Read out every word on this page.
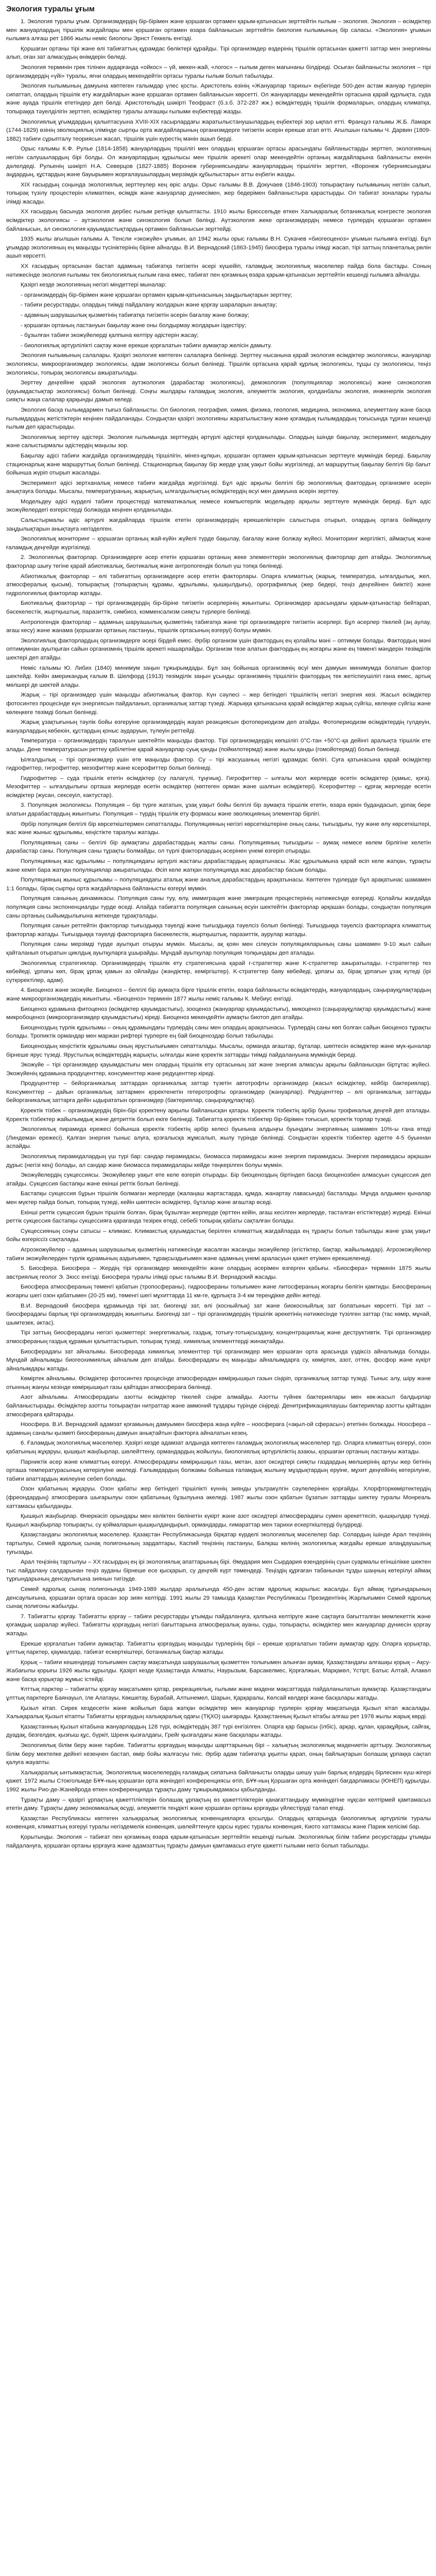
Экология туралы ұғым

1. Экология туралы ұғым. Организмдердің бір-бірімен және қоршаған ортамен қарым-қатынасын зерттейтін ғылым – экология. Экология – өсімдіктер мен жануарлардың тіршілік жағдайлары мен қоршаған ортамен өзара байланысын зерттейтін биология ғылымының бір саласы. «Экология» ұғымын ғылымға алғаш рет 1866 жылы неміс биологы Эрнст Геккель енгізді.

Қоршаған ортаны тірі және өлі табиғаттың құрамдас бөліктері құрайды. Тірі организмдер өздерінің тіршілік ортасынан қажетті заттар мен энергияны алып, оған зат алмасудың өнімдерін бөледі.

Экология терминін грек тілінен аударғанда «ойкос» – үй, мекен-жай, «логос» – ғылым деген мағынаны білдіреді. Осыған байланысты экология – тірі организмдердің «үйі» туралы, яғни олардың мекендейтін ортасы туралы ғылым болып табылады.

Экология ғылымының дамуына көптеген ғалымдар үлес қосты. Аристотель өзінің «Жануарлар тарихы» еңбегінде 500-ден астам жануар түрлерін сипаттап, олардың тіршілік ету жағдайларын және қоршаған ортамен байланысын көрсетті. Ол жануарларды мекендейтін ортасына қарай құрлықта, суда және ауада тіршілік ететіндер деп бөлді. Аристотельдің шәкірті Теофраст (б.з.б. 372-287 жж.) өсімдіктердің тіршілік формаларын, олардың климатқа, топыраққа тәуелділігін зерттеп, өсімдіктер туралы алғашқы ғылыми еңбектерді жазды.

Экологиялық ұғымдардың қалыптасуына XVIII-XIX ғасырлардағы жаратылыстанушылардың еңбектері зор ықпал етті. Француз ғалымы Ж.Б. Ламарк (1744-1829) өзінің эволюциялық ілімінде сыртқы орта жағдайларының организмдерге тигізетін әсерін ерекше атап өтті. Ағылшын ғалымы Ч. Дарвин (1809-1882) табиғи сұрыпталу теориясын жасап, тіршілік үшін күрестің мәнін ашып берді.

Орыс ғалымы К.Ф. Рулье (1814-1858) жануарлардың тіршілігі мен олардың қоршаған ортасы арасындағы байланыстарды зерттеп, экологияның негізін салушылардың бірі болды. Ол жануарлардың құрылысы мен тіршілік әрекеті олар мекендейтін ортаның жағдайларына байланысты екенін дәлелдеді. Рульенің шәкірті Н.А. Северцов (1827-1885) Воронеж губерниясындағы жануарлардың тіршілігін зерттеп, «Воронеж губерниясындағы аңдардың, құстардың және бауырымен жорғалаушылардың мерзімдік құбылыстары» атты еңбегін жазды.

XIX ғасырдың соңында экологиялық зерттеулер кең өріс алды. Орыс ғалымы В.В. Докучаев (1846-1903) топырақтану ғылымының негізін салып, топырақ түзілу процестерін климатпен, өсімдік және жануарлар дүниесімен, жер бедерімен байланыстыра қарастырды. Ол табиғат зоналары туралы ілімді жасады.

XX ғасырдың басында экология дербес ғылым ретінде қалыптасты. 1910 жылы Брюссельде өткен Халықаралық ботаникалық конгресте экология өсімдіктер экологиясы – аутэкология және синэкология болып бөлінді. Аутэкология жеке организмдердің немесе түрлердің қоршаған ортамен байланысын, ал синэкология қауымдастықтардың ортамен байланысын зерттейді.

1935 жылы ағылшын ғалымы А. Тенсли «экожүйе» ұғымын, ал 1942 жылы орыс ғалымы В.Н. Сукачев «биогеоценоз» ұғымын ғылымға енгізді. Бұл ұғымдар экологияның ең маңызды түсініктерінің біріне айналды. В.И. Вернадский (1863-1945) биосфера туралы ілімді жасап, тірі заттың планеталық рөлін ашып көрсетті.

XX ғасырдың ортасынан бастап адамның табиғатқа тигізетін әсері күшейіп, ғаламдық экологиялық мәселелер пайда бола бастады. Соның нәтижесінде экология ғылымы тек биологиялық ғылым ғана емес, табиғат пен қоғамның өзара қарым-қатынасын зерттейтін кешенді ғылымға айналды.

Қазіргі кезде экологияның негізгі міндеттері мыналар:

- организмдердің бір-бірімен және қоршаған ортамен қарым-қатынасының заңдылықтарын зерттеу;

- табиғи ресурстарды, олардың тиімді пайдалану жолдарын және қорғау шараларын анықтау;

- адамның шаруашылық қызметінің табиғатқа тигізетін әсерін бағалау және болжау;

- қоршаған ортаның ластануын бақылау және оны болдырмау жолдарын іздестіру;

- бұзылған табиғи экожүйелерді қалпына келтіру әдістерін жасау;

- биологиялық әртүрлілікті сақтау және ерекше қорғалатын табиғи аумақтар желісін дамыту.

Экология ғылымының салалары. Қазіргі экология көптеген салаларға бөлінеді. Зерттеу нысанына қарай экология өсімдіктер экологиясы, жануарлар экологиясы, микроорганизмдер экологиясы, адам экологиясы болып бөлінеді. Тіршілік ортасына қарай құрлық экологиясы, тұщы су экологиясы, теңіз экологиясы, топырақ экологиясы ажыратылады.

Зерттеу деңгейіне қарай экология аутэкология (дарабастар экологиясы), демэкология (популяциялар экологиясы) және синэкология (қауымдастықтар экологиясы) болып бөлінеді. Соңғы жылдары ғаламдық экология, әлеуметтік экология, қолданбалы экология, инженерлік экология сияқты жаңа салалар қарқынды дамып келеді.

Экология басқа ғылымдармен тығыз байланысты. Ол биология, география, химия, физика, геология, медицина, экономика, әлеуметтану және басқа ғылымдардың жетістіктерін кеңінен пайдаланады. Сондықтан қазіргі экологияны жаратылыстану және қоғамдық ғылымдардың тоғысында тұрған кешенді ғылым деп қарастырады.

Экологиялық зерттеу әдістері. Экология ғылымында зерттеудің әртүрлі әдістері қолданылады. Олардың ішінде бақылау, эксперимент, модельдеу және салыстырмалы әдістердің маңызы зор.

Бақылау әдісі табиғи жағдайда организмдердің тіршілігін, мінез-құлқын, қоршаған ортамен қарым-қатынасын зерттеуге мүмкіндік береді. Бақылау стационарлық және маршруттық болып бөлінеді. Стационарлық бақылау бір жерде ұзақ уақыт бойы жүргізіледі, ал маршруттық бақылау белгілі бір бағыт бойынша жүріп отырып жасалады.

Эксперимент әдісі зертханалық немесе табиғи жағдайда жүргізіледі. Бұл әдіс арқылы белгілі бір экологиялық фактордың организмге әсерін анықтауға болады. Мысалы, температураның, жарықтың, ылғалдылықтың өсімдіктердің өсуі мен дамуына әсерін зерттеу.

Модельдеу әдісі күрделі табиғи процестерді математикалық немесе компьютерлік модельдер арқылы зерттеуге мүмкіндік береді. Бұл әдіс экожүйелердегі өзгерістерді болжауда кеңінен қолданылады.

Салыстырмалы әдіс әртүрлі жағдайларда тіршілік ететін организмдердің ерекшеліктерін салыстыра отырып, олардың ортаға бейімделу заңдылықтарын анықтауға негізделген.

Экологиялық мониторинг – қоршаған ортаның жай-күйін жүйелі түрде бақылау, бағалау және болжау жүйесі. Мониторинг жергілікті, аймақтық және ғаламдық деңгейде жүргізіледі.

2. Экологиялық факторлар. Организмдерге әсер ететін қоршаған ортаның жеке элементтерін экологиялық факторлар деп атайды. Экологиялық факторлар шығу тегіне қарай абиотикалық, биотикалық және антропогендік болып үш топқа бөлінеді.

Абиотикалық факторлар – өлі табиғаттың организмдерге әсер ететін факторлары. Оларға климаттық (жарық, температура, ылғалдылық, жел, атмосфералық қысым), топырақтық (топырақтың құрамы, құрылымы, қышқылдығы), орографиялық (жер бедері, теңіз деңгейінен биіктігі) және гидрологиялық факторлар жатады.

Биотикалық факторлар – тірі организмдердің бір-біріне тигізетін әсерлерінің жиынтығы. Организмдер арасындағы қарым-қатынастар бейтарап, бәсекелестік, жыртқыштық, паразиттік, симбиоз, комменсализм сияқты түрлерге бөлінеді.

Антропогендік факторлар – адамның шаруашылық қызметінің табиғатқа және тірі организмдерге тигізетін әсерлері. Бұл әсерлер тікелей (аң аулау, ағаш кесу) және жанама (қоршаған ортаның ластануы, тіршілік ортасының өзгеруі) болуы мүмкін.

Экологиялық факторлардың организмдерге әсері бірдей емес. Әрбір организм үшін фактордың ең қолайлы мәні – оптимум болады. Фактордың мәні оптимумнан ауытқыған сайын организмнің тіршілік әрекеті нашарлайды. Организм төзе алатын фактордың ең жоғарғы және ең төменгі мәндерін төзімділік шектері деп атайды.

Неміс ғалымы Ю. Либих (1840) минимум заңын тұжырымдады. Бұл заң бойынша организмнің өсуі мен дамуын минимумда болатын фактор шектейді. Кейін американдық ғалым В. Шелфорд (1913) төзімділік заңын ұсынды: организмнің тіршілігін фактордың тек жетіспеушілігі ғана емес, артық мөлшері де шектей алады.

Жарық – тірі организмдер үшін маңызды абиотикалық фактор. Күн сәулесі – жер бетіндегі тіршіліктің негізгі энергия көзі. Жасыл өсімдіктер фотосинтез процесінде күн энергиясын пайдаланып, органикалық заттар түзеді. Жарыққа қатынасына қарай өсімдіктер жарық сүйгіш, көлеңке сүйгіш және көлеңкеге төзімді болып бөлінеді.

Жарық ұзақтығының тәулік бойы өзгеруіне организмдердің жауап реакциясын фотопериодизм деп атайды. Фотопериодизм өсімдіктердің гүлдеуін, жануарлардың көбеюін, құстардың қоныс аударуын, түлеуін реттейді.

Температура – организмдердің таралуын шектейтін маңызды фактор. Тірі организмдердің көпшілігі 0°С-тан +50°С-қа дейінгі аралықта тіршілік ете алады. Дене температурасын реттеу қабілетіне қарай жануарлар суық қанды (пойкилотермді) және жылы қанды (гомойотермді) болып бөлінеді.

Ылғалдылық – тірі организмдер үшін өте маңызды фактор. Су – тірі жасушаның негізгі құрамдас бөлігі. Суға қатынасына қарай өсімдіктер гидрофиттер, гигрофиттер, мезофиттер және ксерофиттер болып бөлінеді.

Гидрофиттер – суда тіршілік ететін өсімдіктер (су лалагүлі, тұңғиық). Гигрофиттер – ылғалы мол жерлерде өсетін өсімдіктер (қамыс, қоға). Мезофиттер – ылғалдылығы орташа жерлерде өсетін өсімдіктер (көптеген орман және шалғын өсімдіктері). Ксерофиттер – құрғақ жерлерде өсетін өсімдіктер (жусан, сексеуіл, кактустар).

3. Популяция экологиясы. Популяция – бір түрге жататын, ұзақ уақыт бойы белгілі бір аумақта тіршілік ететін, өзара еркін будандасып, ұрпақ бере алатын дарабастардың жиынтығы. Популяция – түрдің тіршілік ету формасы және эволюцияның элементар бірлігі.

Әрбір популяция белгілі бір көрсеткіштермен сипатталады. Популяцияның негізгі көрсеткіштеріне оның саны, тығыздығы, туу және өлу көрсеткіштері, жас және жыныс құрылымы, кеңістікте таралуы жатады.

Популяцияның саны – белгілі бір аумақтағы дарабастардың жалпы саны. Популяцияның тығыздығы – аумақ немесе көлем бірлігіне келетін дарабастар саны. Популяция саны тұрақты болмайды, ол түрлі факторлардың әсерінен үнемі өзгеріп отырады.

Популяцияның жас құрылымы – популяциядағы әртүрлі жастағы дарабастардың арақатынасы. Жас құрылымына қарай өсіп келе жатқан, тұрақты және кеміп бара жатқан популяциялар ажыратылады. Өсіп келе жатқан популяцияда жас дарабастар басым болады.

Популяцияның жыныс құрылымы – популяциядағы аталық және аналық дарабастардың арақатынасы. Көптеген түрлерде бұл арақатынас шамамен 1:1 болады, бірақ сыртқы орта жағдайларына байланысты өзгеруі мүмкін.

Популяция санының динамикасы. Популяция саны туу, өлу, иммиграция және эмиграция процестерінің нәтижесінде өзгереді. Қолайлы жағдайда популяция саны экспоненциалды түрде өседі. Алайда табиғатта популяция санының өсуін шектейтін факторлар әрқашан болады, сондықтан популяция саны ортаның сыйымдылығына жеткенде тұрақталады.

Популяция санын реттейтін факторлар тығыздыққа тәуелді және тығыздыққа тәуелсіз болып бөлінеді. Тығыздыққа тәуелсіз факторларға климаттық факторлар жатады. Тығыздыққа тәуелді факторларға бәсекелестік, жыртқыштық, паразиттік, аурулар жатады.

Популяция саны мерзімді түрде ауытқып отыруы мүмкін. Мысалы, ақ қоян мен сілеусін популяцияларының саны шамамен 9-10 жыл сайын қайталанып отыратын циклдық ауытқуларға ұшырайды. Мұндай ауытқулар популяция толқындары деп аталады.

Экологиялық стратегиялар. Организмдердің тіршілік ету стратегиясына қарай r-стратегтер және K-стратегтер ажыратылады. r-стратегтер тез көбейеді, ұрпағы көп, бірақ ұрпақ қамын аз ойлайды (жәндіктер, кеміргіштер). K-стратегтер баяу көбейеді, ұрпағы аз, бірақ ұрпағын ұзақ күтеді (ірі сүтқоректілер, адам).

4. Биоценоз және экожүйе. Биоценоз – белгілі бір аумақта бірге тіршілік ететін, өзара байланысты өсімдіктердің, жануарлардың, саңырауқұлақтардың және микроорганизмдердің жиынтығы. «Биоценоз» терминін 1877 жылы неміс ғалымы К. Мебиус енгізді.

Биоценоз құрамына фитоценоз (өсімдіктер қауымдастығы), зооценоз (жануарлар қауымдастығы), микоценоз (саңырауқұлақтар қауымдастығы) және микробоценоз (микроорганизмдер қауымдастығы) кіреді. Биоценоз мекендейтін аумақты биотоп деп атайды.

Биоценоздың түрлік құрылымы – оның құрамындағы түрлердің саны мен олардың арақатынасы. Түрлердің саны көп болған сайын биоценоз тұрақты болады. Тропиктік ормандар мен маржан рифтері түрлерге ең бай биоценоздар болып табылады.

Биоценоздың кеңістіктік құрылымы оның ярустылығымен сипатталады. Мысалы, орманда ағаштар, бұталар, шөптесін өсімдіктер және мүк-қыналар бірнеше ярус түзеді. Ярустылық өсімдіктердің жарықты, ылғалды және қоректік заттарды тиімді пайдалануына мүмкіндік береді.

Экожүйе – тірі организмдер қауымдастығы мен олардың тіршілік ету ортасының зат және энергия алмасуы арқылы байланысқан біртұтас жүйесі. Экожүйенің құрамына продуценттер, консументтер және редуценттер кіреді.

Продуценттер – бейорганикалық заттардан органикалық заттар түзетін автотрофты организмдер (жасыл өсімдіктер, кейбір бактериялар). Консументтер – дайын органикалық заттармен қоректенетін гетеротрофты организмдер (жануарлар). Редуценттер – өлі органикалық заттарды бейорганикалық заттарға дейін ыдырататын организмдер (бактериялар, саңырауқұлақтар).

Қоректік тізбек – организмдердің бірін-бірі қоректену арқылы байланысқан қатары. Қоректік тізбектің әрбір буыны трофикалық деңгей деп аталады. Қоректік тізбектер жайылымдық және детриттік болып екіге бөлінеді. Табиғатта қоректік тізбектер бір-бірімен тоғысып, қоректік торлар түзеді.

Экологиялық пирамида ережесі бойынша қоректік тізбектің әрбір келесі буынына алдыңғы буындағы энергияның шамамен 10%-ы ғана өтеді (Линдеман ережесі). Қалған энергия тыныс алуға, қозғалысқа жұмсалып, жылу түрінде бөлінеді. Сондықтан қоректік тізбектер әдетте 4-5 буыннан аспайды.

Экологиялық пирамидалардың үш түрі бар: сандар пирамидасы, биомасса пирамидасы және энергия пирамидасы. Энергия пирамидасы әрқашан дұрыс (негізі кең) болады, ал сандар және биомасса пирамидалары кейде төңкерілген болуы мүмкін.

Экожүйелердің сукцессиясы. Экожүйелер уақыт өте келе өзгеріп отырады. Бір биоценоздың біртіндеп басқа биоценозбен алмасуын сукцессия деп атайды. Сукцессия бастапқы және екінші реттік болып бөлінеді.

Бастапқы сукцессия бұрын тіршілік болмаған жерлерде (жалаңаш жартастарда, құмда, жанартау лавасында) басталады. Мұнда алдымен қыналар мен мүктер пайда болып, топырақ түзеді, кейін шөптесін өсімдіктер, бұталар және ағаштар өседі.

Екінші реттік сукцессия бұрын тіршілік болған, бірақ бұзылған жерлерде (өрттен кейін, ағаш кесілген жерлерде, тасталған егістіктерде) жүреді. Екінші реттік сукцессия бастапқы сукцессияға қарағанда тезірек өтеді, себебі топырақ қабаты сақталған болады.

Сукцессияның соңғы сатысы – климакс. Климакстық қауымдастық берілген климаттық жағдайларда ең тұрақты болып табылады және ұзақ уақыт бойы өзгеріссіз сақталады.

Агроэкожүйелер – адамның шаруашылық қызметінің нәтижесінде жасалған жасанды экожүйелер (егістіктер, бақтар, жайылымдар). Агроэкожүйелер табиғи экожүйелерден түрлік құрамының аздығымен, тұрақсыздығымен және адамның үнемі араласуын қажет етуімен ерекшеленеді.

5. Биосфера. Биосфера – Жердің тірі организмдер мекендейтін және олардың әсерімен өзгерген қабығы. «Биосфера» терминін 1875 жылы австриялық геолог Э. Зюсс енгізді. Биосфера туралы ілімді орыс ғалымы В.И. Вернадский жасады.

Биосфера атмосфераның төменгі қабатын (тропосфераны), гидросфераны толығымен және литосфераның жоғарғы бөлігін қамтиды. Биосфераның жоғарғы шегі озон қабатымен (20-25 км), төменгі шегі мұхиттарда 11 км-ге, құрлықта 3-4 км тереңдікке дейін жетеді.

В.И. Вернадский биосфера құрамында тірі зат, биогенді зат, өлі (косныйлық) зат және биокосныйлық зат болатынын көрсетті. Тірі зат – биосферадағы барлық тірі организмдердің жиынтығы. Биогенді зат – тірі организмдердің тіршілік әрекетінің нәтижесінде түзілген заттар (тас көмір, мұнай, шымтезек, әктас).

Тірі заттың биосферадағы негізгі қызметтері: энергетикалық, газдық, тотығу-тотықсыздану, концентрациялық және деструктивтік. Тірі организмдер атмосфераның газдық құрамын қалыптастырып, топырақ түзеді, химиялық элементтерді жинақтайды.

Биосферадағы зат айналымы. Биосферада химиялық элементтер тірі организмдер мен қоршаған орта арасында үздіксіз айналымда болады. Мұндай айналымды биогеохимиялық айналым деп атайды. Биосферадағы ең маңызды айналымдарға су, көміртек, азот, оттек, фосфор және күкірт айналымдары жатады.

Көміртек айналымы. Өсімдіктер фотосинтез процесінде атмосферадан көмірқышқыл газын сіңіріп, органикалық заттар түзеді. Тыныс алу, шіру және отынның жануы кезінде көмірқышқыл газы қайтадан атмосфераға бөлінеді.

Азот айналымы. Атмосферадағы азотты өсімдіктер тікелей сіңіре алмайды. Азотты түйнек бактериялары мен көк-жасыл балдырлар байланыстырады. Өсімдіктер азотты топырақтан нитраттар және аммоний тұздары түрінде сіңіреді. Денитрификациялаушы бактериялар азотты қайтадан атмосфераға қайтарады.

Ноосфера. В.И. Вернадский адамзат қоғамының дамуымен биосфера жаңа күйге – ноосфераға («ақыл-ой сферасы») өтетінін болжады. Ноосфера – адамның саналы қызметі биосфераның дамуын анықтайтын факторға айналатын кезең.

6. Ғаламдық экологиялық мәселелер. Қазіргі кезде адамзат алдында көптеген ғаламдық экологиялық мәселелер тұр. Оларға климаттың өзгеруі, озон қабатының жұқаруы, қышқыл жаңбырлар, шөлейттену, ормандардың жойылуы, биологиялық әртүрліліктің азаюы, қоршаған ортаның ластануы жатады.

Парниктік әсер және климаттың өзгеруі. Атмосферадағы көмірқышқыл газы, метан, азот оксидтері сияқты газдардың мөлшерінің артуы жер бетінің орташа температурасының көтерілуіне әкеледі. Ғалымдардың болжамы бойынша ғаламдық жылыну мұздықтардың еруіне, мұхит деңгейінің көтерілуіне, табиғи апаттардың жиілеуіне себеп болады.

Озон қабатының жұқаруы. Озон қабаты жер бетіндегі тіршілікті күннің зиянды ультракүлгін сәулелерінен қорғайды. Хлорфторкөміртектердің (фреондардың) атмосфераға шығарылуы озон қабатының бұзылуына әкеледі. 1987 жылы озон қабатын бұзатын заттарды шектеу туралы Монреаль хаттамасы қабылданды.

Қышқыл жаңбырлар. Өнеркәсіп орындары мен көліктен бөлінетін күкірт және азот оксидтері атмосферадағы сумен әрекеттесіп, қышқылдар түзеді. Қышқыл жаңбырлар топырақты, су қоймаларын қышқылдандырып, ормандарды, ғимараттар мен тарихи ескерткіштерді бүлдіреді.

Қазақстандағы экологиялық мәселелер. Қазақстан Республикасында бірқатар күрделі экологиялық мәселелер бар. Солардың ішінде Арал теңізінің тартылуы, Семей ядролық сынақ полигонының зардаптары, Каспий теңізінің ластануы, Балқаш көлінің экологиялық жағдайы ерекше алаңдаушылық туғызады.

Арал теңізінің тартылуы – XX ғасырдың ең ірі экологиялық апаттарының бірі. Әмудария мен Сырдария өзендерінің суын суармалы егіншілікке шектен тыс пайдалану салдарынан теңіз ауданы бірнеше есе қысқарып, су деңгейі күрт төмендеді. Теңіздің құрғаған табанынан тұзды шаңның көтерілуі аймақ тұрғындарының денсаулығына зиянын тигізуде.

Семей ядролық сынақ полигонында 1949-1989 жылдар аралығында 450-ден астам ядролық жарылыс жасалды. Бұл аймақ тұрғындарының денсаулығына, қоршаған ортаға орасан зор зиян келтірді. 1991 жылы 29 тамызда Қазақстан Республикасы Президентінің Жарлығымен Семей ядролық сынақ полигоны жабылды.

7. Табиғатты қорғау. Табиғатты қорғау – табиғи ресурстарды ұтымды пайдалануға, қалпына келтіруге және сақтауға бағытталған мемлекеттік және қоғамдық шаралар жүйесі. Табиғатты қорғаудың негізгі бағыттарына атмосфералық ауаны, суды, топырақты, өсімдіктер мен жануарлар дүниесін қорғау жатады.

Ерекше қорғалатын табиғи аумақтар. Табиғатты қорғаудың маңызды түрлерінің бірі – ерекше қорғалатын табиғи аумақтар құру. Оларға қорықтар, ұлттық парктер, қаумалдар, табиғат ескерткіштері, ботаникалық бақтар жатады.

Қорық – табиғи кешендерді толығымен сақтау мақсатында шаруашылық қызметтен толығымен алынған аумақ. Қазақстандағы алғашқы қорық – Ақсу-Жабағылы қорығы 1926 жылы құрылды. Қазіргі кезде Қазақстанда Алматы, Наурызым, Барсакелмес, Қорғалжын, Марқакөл, Үстірт, Батыс Алтай, Алакөл және басқа қорықтар жұмыс істейді.

Ұлттық парктер – табиғатты қорғау мақсатымен қатар, рекреациялық, ғылыми және мәдени мақсаттарда пайдаланылатын аумақтар. Қазақстандағы ұлттық парктерге Баянауыл, Іле Алатауы, Көкшетау, Бурабай, Алтынемел, Шарын, Қарқаралы, Көлсай көлдері және басқалары жатады.

Қызыл кітап. Сирек кездесетін және жойылып бара жатқан өсімдіктер мен жануарлар түрлерін қорғау мақсатында Қызыл кітап жасалады. Халықаралық Қызыл кітапты Табиғатты қорғаудың халықаралық одағы (ТҚХО) шығарады. Қазақстанның Қызыл кітабы алғаш рет 1978 жылы жарық көрді.

Қазақстанның Қызыл кітабына жануарлардың 128 түрі, өсімдіктердің 387 түрі енгізілген. Оларға қар барысы (ілбіс), арқар, құлан, қарақұйрық, сайғақ, дуадақ, безгелдек, қызғыш құс, бүркіт, Шренк қызғалдағы, Грейг қызғалдағы және басқалары жатады.

Экологиялық білім беру және тәрбие. Табиғатты қорғаудың маңызды шарттарының бірі – халықтың экологиялық мәдениетін арттыру. Экологиялық білім беру мектепке дейінгі кезеңнен бастап, өмір бойы жалғасуы тиіс. Әрбір адам табиғатқа ұқыпты қарап, оның байлықтарын болашақ ұрпаққа сақтап қалуға жауапты.

Халықаралық ынтымақтастық. Экологиялық мәселелердің ғаламдық сипатына байланысты оларды шешу үшін барлық елдердің бірлескен күш-жігері қажет. 1972 жылы Стокгольмде БҰҰ-ның қоршаған орта жөніндегі конференциясы өтіп, БҰҰ-ның Қоршаған орта жөніндегі бағдарламасы (ЮНЕП) құрылды. 1992 жылы Рио-де-Жанейрода өткен конференцияда тұрақты даму тұжырымдамасы қабылданды.

Тұрақты даму – қазіргі ұрпақтың қажеттіліктерін болашақ ұрпақтың өз қажеттіліктерін қанағаттандыру мүмкіндігіне нұқсан келтірмей қамтамасыз ететін даму. Тұрақты даму экономикалық өсуді, әлеуметтік теңдікті және қоршаған ортаны қорғауды үйлестіруді талап етеді.

Қазақстан Республикасы көптеген халықаралық экологиялық конвенцияларға қосылды. Олардың қатарында биологиялық әртүрлілік туралы конвенция, климаттың өзгеруі туралы негіздемелік конвенция, шөлейттенуге қарсы күрес туралы конвенция, Киото хаттамасы және Париж келісімі бар.

Қорытынды. Экология – табиғат пен қоғамның өзара қарым-қатынасын зерттейтін кешенді ғылым. Экологиялық білім табиғи ресурстарды ұтымды пайдалануға, қоршаған ортаны қорғауға және адамзаттың тұрақты дамуын қамтамасыз етуге қажетті ғылыми негіз болып табылады.
